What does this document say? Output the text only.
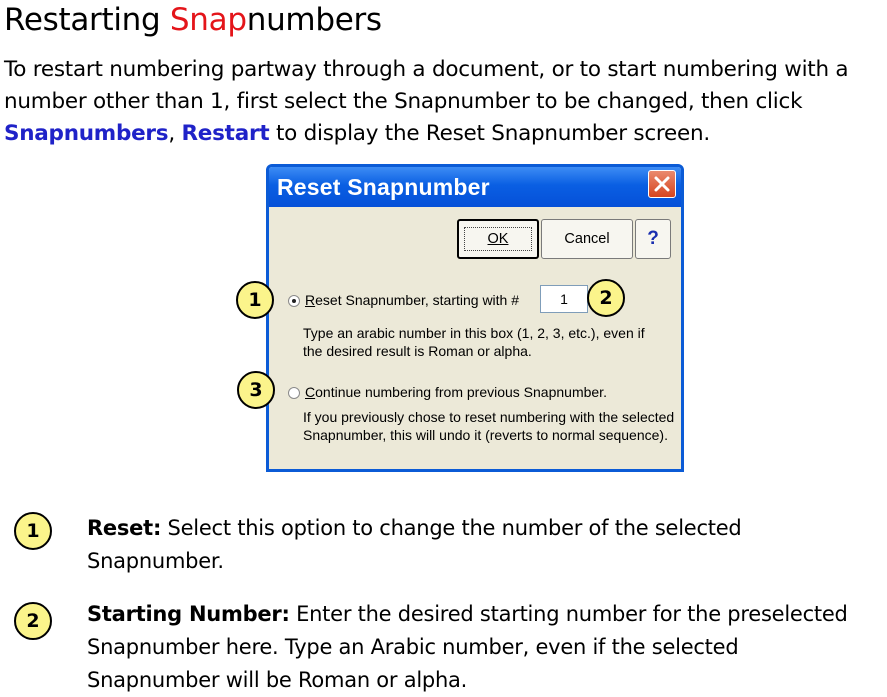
Restarting Snapnumbers

To restart numbering partway through a document, or to start numbering with a number other than 1, first select the Snapnumber to be changed, then click Snapnumbers, Restart to display the Reset Snapnumber screen.

Reset Snapnumber
OK	Cancel	?
Reset Snapnumber, starting with #	1

Type an arabic number in this box (1, 2, 3, etc.), even if the desired result is Roman or alpha.

Continue numbering from previous Snapnumber.

If you previously chose to reset numbering with the selected Snapnumber, this will undo it (reverts to normal sequence).

1	2
3
1	Reset: Select this option to change the number of the selected Snapnumber.

2	Starting Number: Enter the desired starting number for the preselected Snapnumber here. Type an Arabic number, even if the selected Snapnumber will be Roman or alpha.
